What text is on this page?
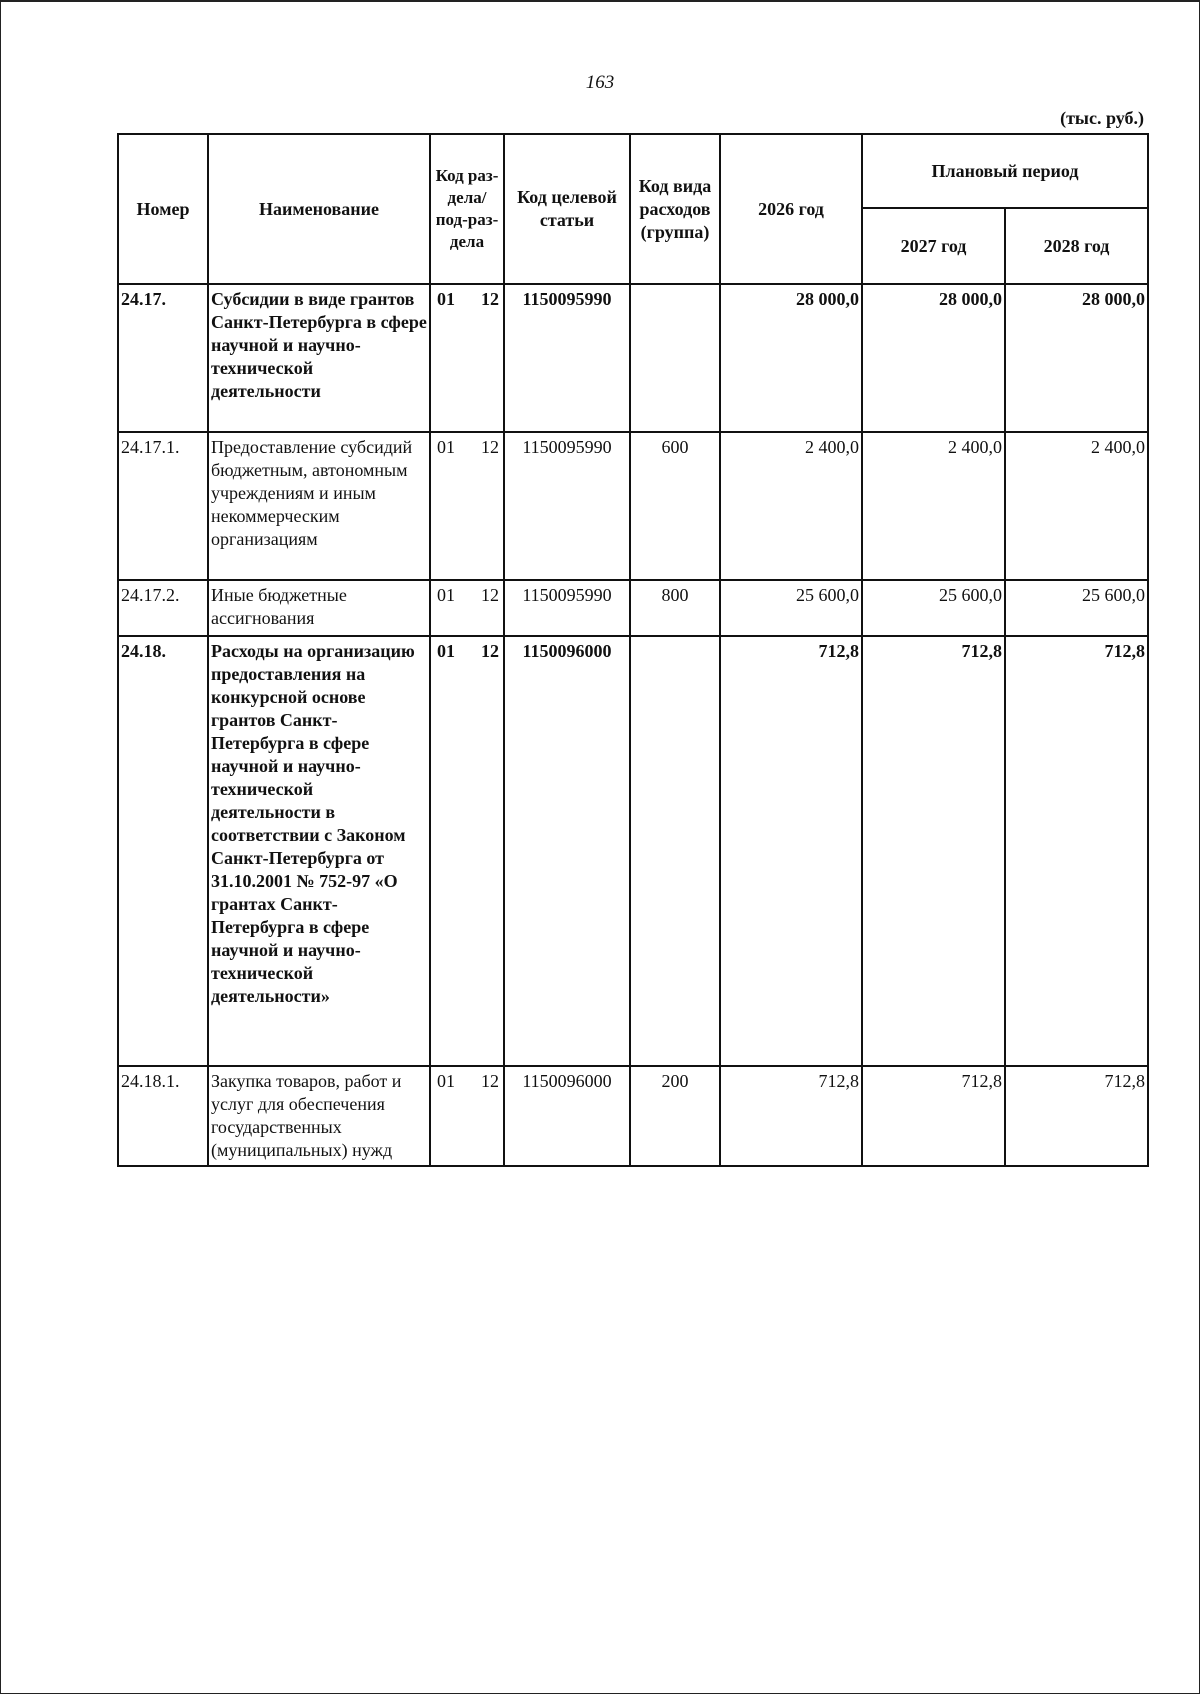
163
(тыс. руб.)
Номер	Наименование	Код раз-дела/ под-раз-дела	Код целевой статьи	Код вида расходов (группа)	2026 год	Плановый период	
						2027 год	2028 год
24.17.	Субсидии в виде грантов Санкт-Петербурга в сфере научной и научно-технической деятельности	01 12	1150095990		28 000,0	28 000,0	28 000,0
24.17.1.	Предоставление субсидий бюджетным, автономным учреждениям и иным некоммерческим организациям	01 12	1150095990	600	2 400,0	2 400,0	2 400,0
24.17.2.	Иные бюджетные ассигнования	01 12	1150095990	800	25 600,0	25 600,0	25 600,0
24.18.	Расходы на организацию предоставления на конкурсной основе грантов Санкт-Петербурга в сфере научной и научно-технической деятельности в соответствии с Законом Санкт-Петербурга от 31.10.2001 № 752-97 «О грантах Санкт-Петербурга в сфере научной и научно-технической деятельности»	01 12	1150096000		712,8	712,8	712,8
24.18.1.	Закупка товаров, работ и услуг для обеспечения государственных (муниципальных) нужд	01 12	1150096000	200	712,8	712,8	712,8
